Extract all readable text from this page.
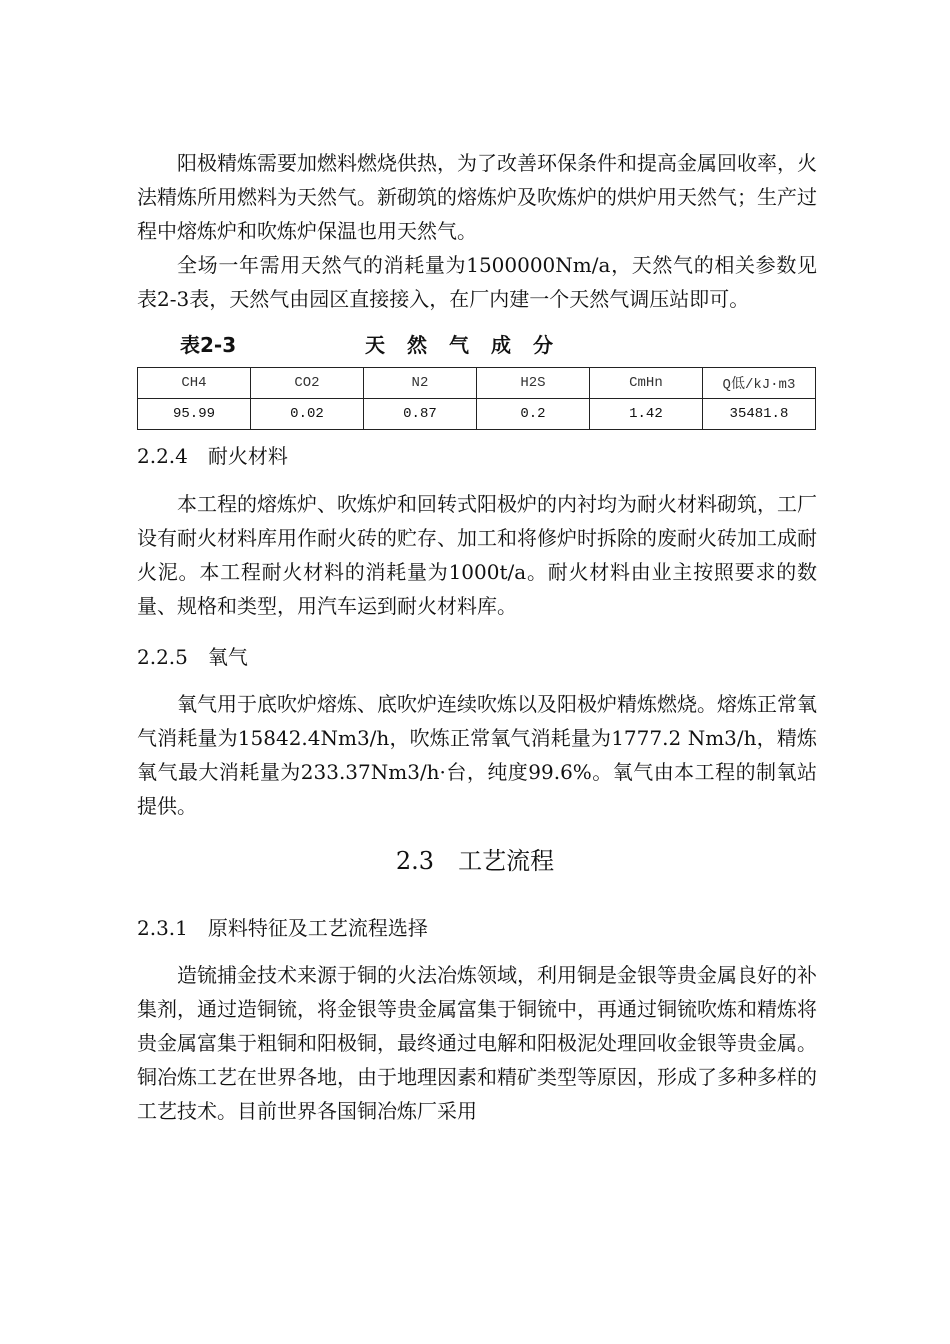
阳极精炼需要加燃料燃烧供热，为了改善环保条件和提高金属回收率，火法精炼所用燃料为天然气。新砌筑的熔炼炉及吹炼炉的烘炉用天然气；生产过程中熔炼炉和吹炼炉保温也用天然气。

全场一年需用天然气的消耗量为1500000Nm/a，天然气的相关参数见表2-3表，天然气由园区直接接入，在厂内建一个天然气调压站即可。

表2-3	天然气成分
CH4	CO2	N2	H2S	CmHn	Q低/kJ·m3
95.99	0.02	0.87	0.2	1.42	35481.8
2.2.4　耐火材料

本工程的熔炼炉、吹炼炉和回转式阳极炉的内衬均为耐火材料砌筑，工厂设有耐火材料库用作耐火砖的贮存、加工和将修炉时拆除的废耐火砖加工成耐火泥。本工程耐火材料的消耗量为1000t/a。耐火材料由业主按照要求的数量、规格和类型，用汽车运到耐火材料库。

2.2.5　氧气

氧气用于底吹炉熔炼、底吹炉连续吹炼以及阳极炉精炼燃烧。熔炼正常氧气消耗量为15842.4Nm3/h，吹炼正常氧气消耗量为1777.2 Nm3/h，精炼氧气最大消耗量为233.37Nm3/h·台，纯度99.6%。氧气由本工程的制氧站提供。

2.3　工艺流程
2.3.1　原料特征及工艺流程选择

造锍捕金技术来源于铜的火法冶炼领域，利用铜是金银等贵金属良好的补集剂，通过造铜锍，将金银等贵金属富集于铜锍中，再通过铜锍吹炼和精炼将贵金属富集于粗铜和阳极铜，最终通过电解和阳极泥处理回收金银等贵金属。铜冶炼工艺在世界各地，由于地理因素和精矿类型等原因，形成了多种多样的工艺技术。目前世界各国铜冶炼厂采用
